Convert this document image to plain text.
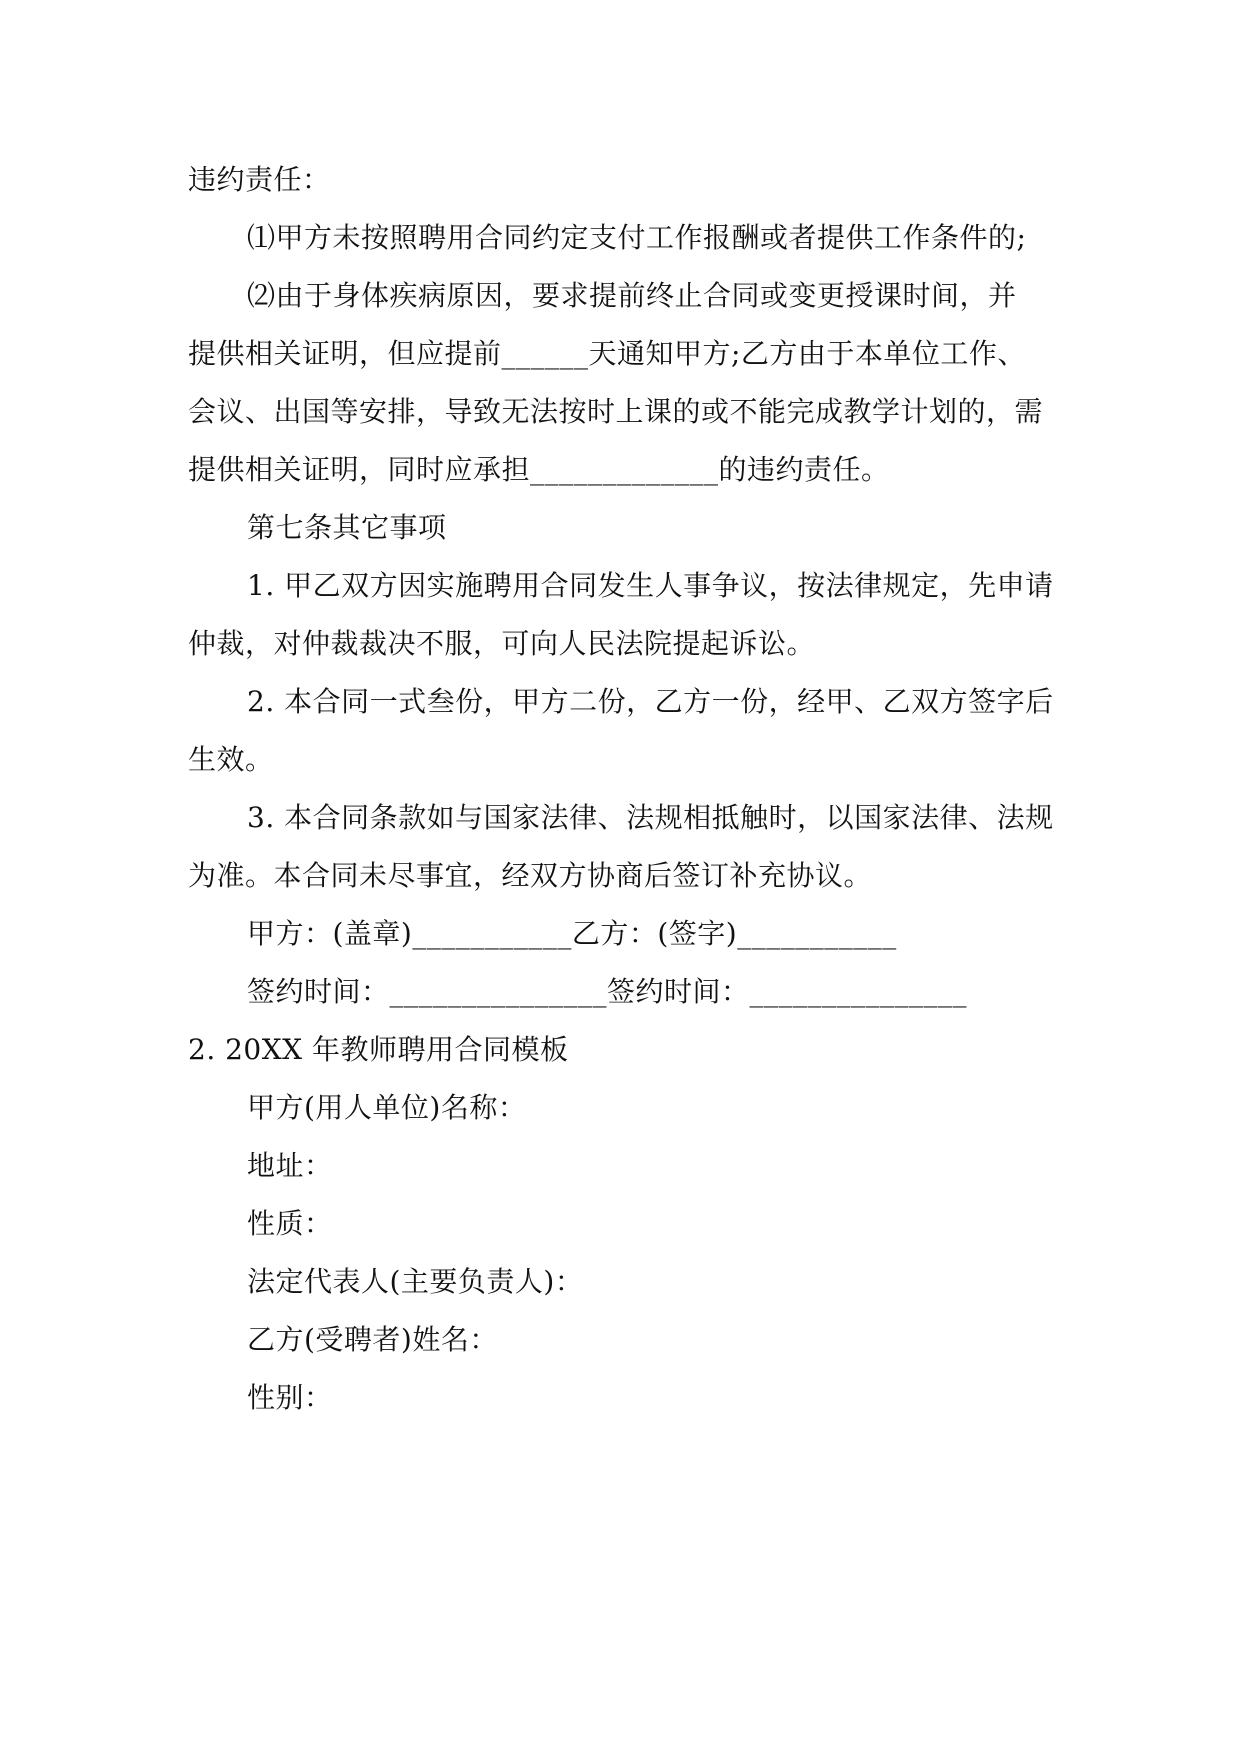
违约责任：
⑴甲方未按照聘用合同约定支付工作报酬或者提供工作条件的;
⑵由于身体疾病原因，要求提前终止合同或变更授课时间，并
提供相关证明，但应提前______天通知甲方;乙方由于本单位工作、
会议、出国等安排，导致无法按时上课的或不能完成教学计划的，需
提供相关证明，同时应承担_____________的违约责任。
第七条其它事项
1. 甲乙双方因实施聘用合同发生人事争议，按法律规定，先申请
仲裁，对仲裁裁决不服，可向人民法院提起诉讼。
2. 本合同一式叁份，甲方二份，乙方一份，经甲、乙双方签字后
生效。
3. 本合同条款如与国家法律、法规相抵触时，以国家法律、法规
为准。本合同未尽事宜，经双方协商后签订补充协议。
甲方：(盖章)___________乙方：(签字)___________
签约时间：_______________签约时间：_______________
2. 20XX 年教师聘用合同模板
甲方(用人单位)名称：
地址：
性质：
法定代表人(主要负责人)：
乙方(受聘者)姓名：
性别：
